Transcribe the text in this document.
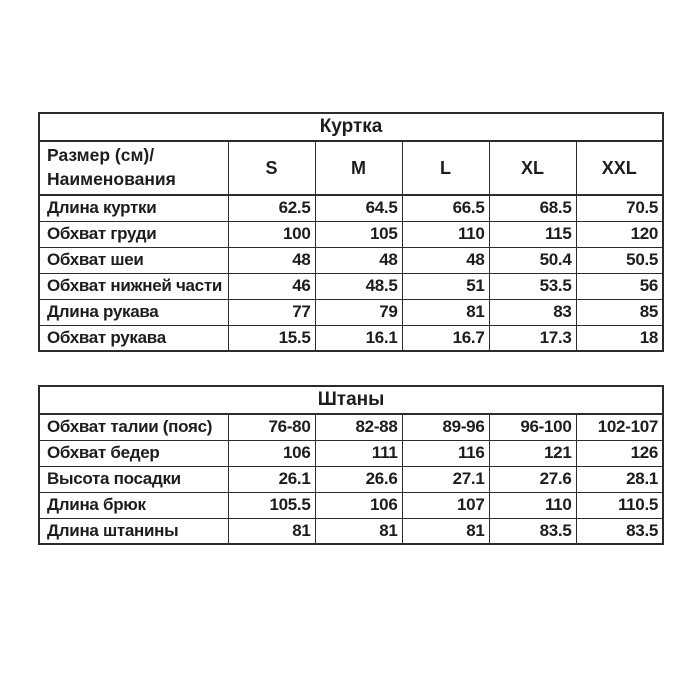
Куртка					

Размер (см)/
Наименования	S	M	L	XL	XXL
Длина куртки	62.5	64.5	66.5	68.5	70.5
Обхват груди	100	105	110	115	120
Обхват шеи	48	48	48	50.4	50.5
Обхват нижней части	46	48.5	51	53.5	56
Длина рукава	77	79	81	83	85
Обхват рукава	15.5	16.1	16.7	17.3	18
Штаны					
Обхват талии (пояс)	76-80	82-88	89-96	96-100	102-107
Обхват бедер	106	111	116	121	126
Высота посадки	26.1	26.6	27.1	27.6	28.1
Длина брюк	105.5	106	107	110	110.5
Длина штанины	81	81	81	83.5	83.5
